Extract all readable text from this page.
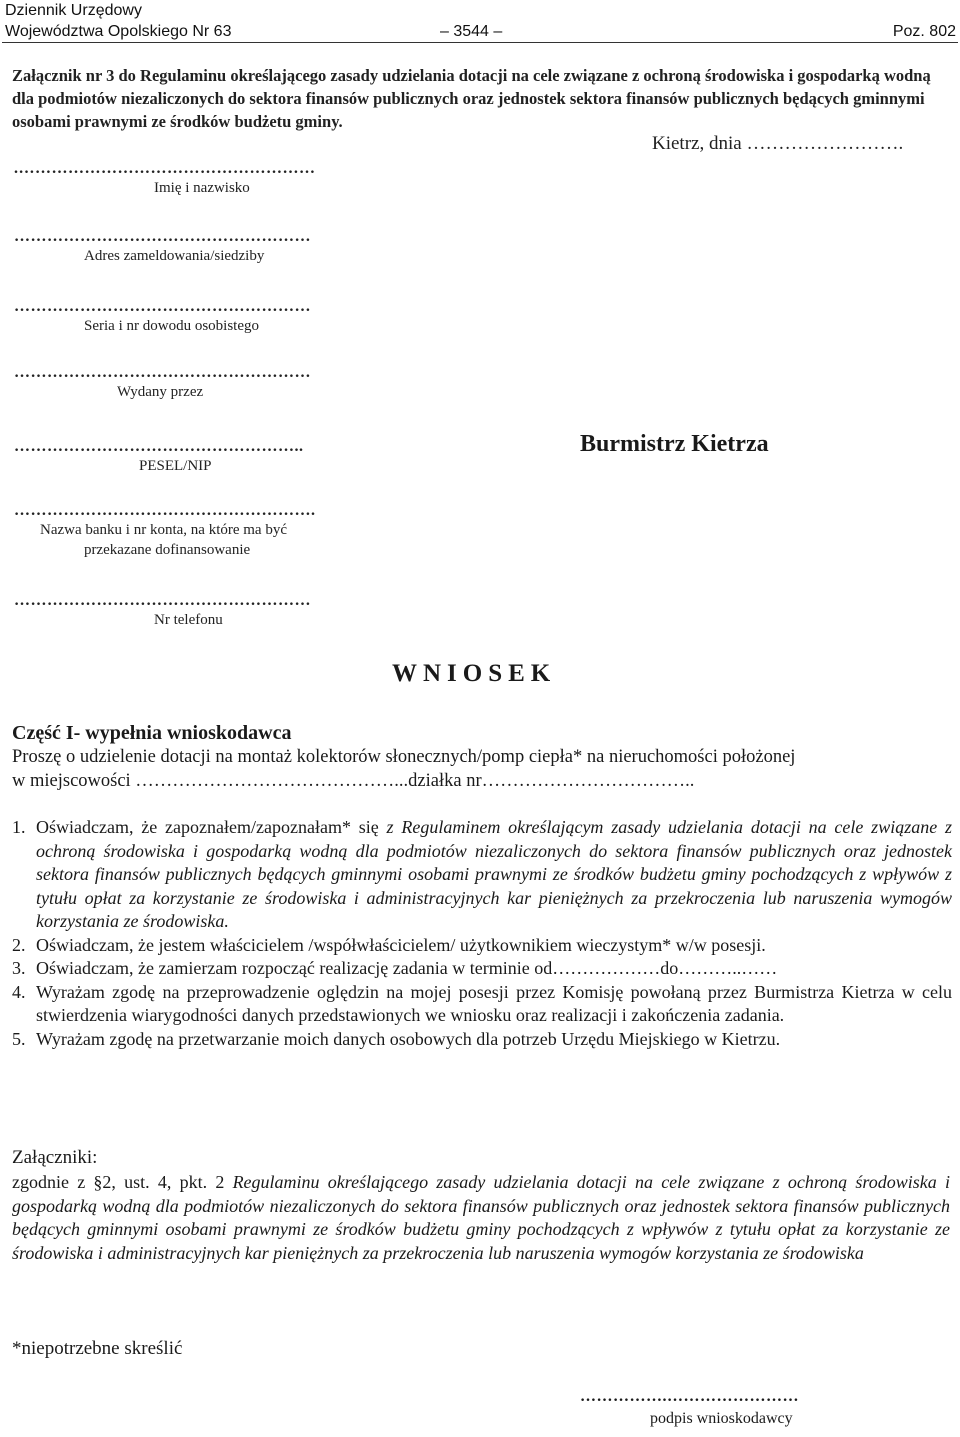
Dziennik Urzędowy
Województwa Opolskiego Nr 63	– 3544 –	Poz. 802
Załącznik nr 3 do Regulaminu określającego zasady udzielania dotacji na cele związane z ochroną środowiska i gospodarką wodną dla podmiotów niezaliczonych do sektora finansów publicznych oraz jednostek sektora finansów publicznych będących gminnymi osobami prawnymi ze środków budżetu gminy.
Kietrz, dnia …………………….
.………………………………………………
Imię i nazwisko
………………………………………………
Adres zameldowania/siedziby
………………………………………………
Seria i nr dowodu osobistego
………………………………………………
Wydany przez
……………………………………………..
PESEL/NIP
……………………………………………….
Nazwa banku i nr konta, na które ma być
przekazane dofinansowanie
………………………………………………
Nr telefonu
Burmistrz Kietrza
WNIOSEK
Część I- wypełnia wnioskodawca
Proszę o udzielenie dotacji na montaż kolektorów słonecznych/pomp ciepła* na nieruchomości położonej
w miejscowości ……………………………………...działka nr……………………………..
1. Oświadczam, że zapoznałem/zapoznałam* się z Regulaminem określającym zasady udzielania dotacji na cele związane z ochroną środowiska i gospodarką wodną dla podmiotów niezaliczonych do sektora finansów publicznych oraz jednostek sektora finansów publicznych będących gminnymi osobami prawnymi ze środków budżetu gminy pochodzących z wpływów z tytułu opłat za korzystanie ze środowiska i administracyjnych kar pieniężnych za przekroczenia lub naruszenia wymogów korzystania ze środowiska.
2. Oświadczam, że jestem właścicielem /współwłaścicielem/ użytkownikiem wieczystym* w/w posesji.
3. Oświadczam, że zamierzam rozpocząć realizację zadania w terminie od………………do………..……
4. Wyrażam zgodę na przeprowadzenie oględzin na mojej posesji przez Komisję powołaną przez Burmistrza Kietrza w celu stwierdzenia wiarygodności danych przedstawionych we wniosku oraz realizacji i zakończenia zadania.
5. Wyrażam zgodę na przetwarzanie moich danych osobowych dla potrzeb Urzędu Miejskiego w Kietrzu.
Załączniki:
zgodnie z §2, ust. 4, pkt. 2 Regulaminu określającego zasady udzielania dotacji na cele związane z ochroną środowiska i gospodarką wodną dla podmiotów niezaliczonych do sektora finansów publicznych oraz jednostek sektora finansów publicznych będących gminnymi osobami prawnymi ze środków budżetu gminy pochodzących z wpływów z tytułu opłat za korzystanie ze środowiska i administracyjnych kar pieniężnych za przekroczenia lub naruszenia wymogów korzystania ze środowiska
*niepotrzebne skreślić
…………….……………………
podpis wnioskodawcy
